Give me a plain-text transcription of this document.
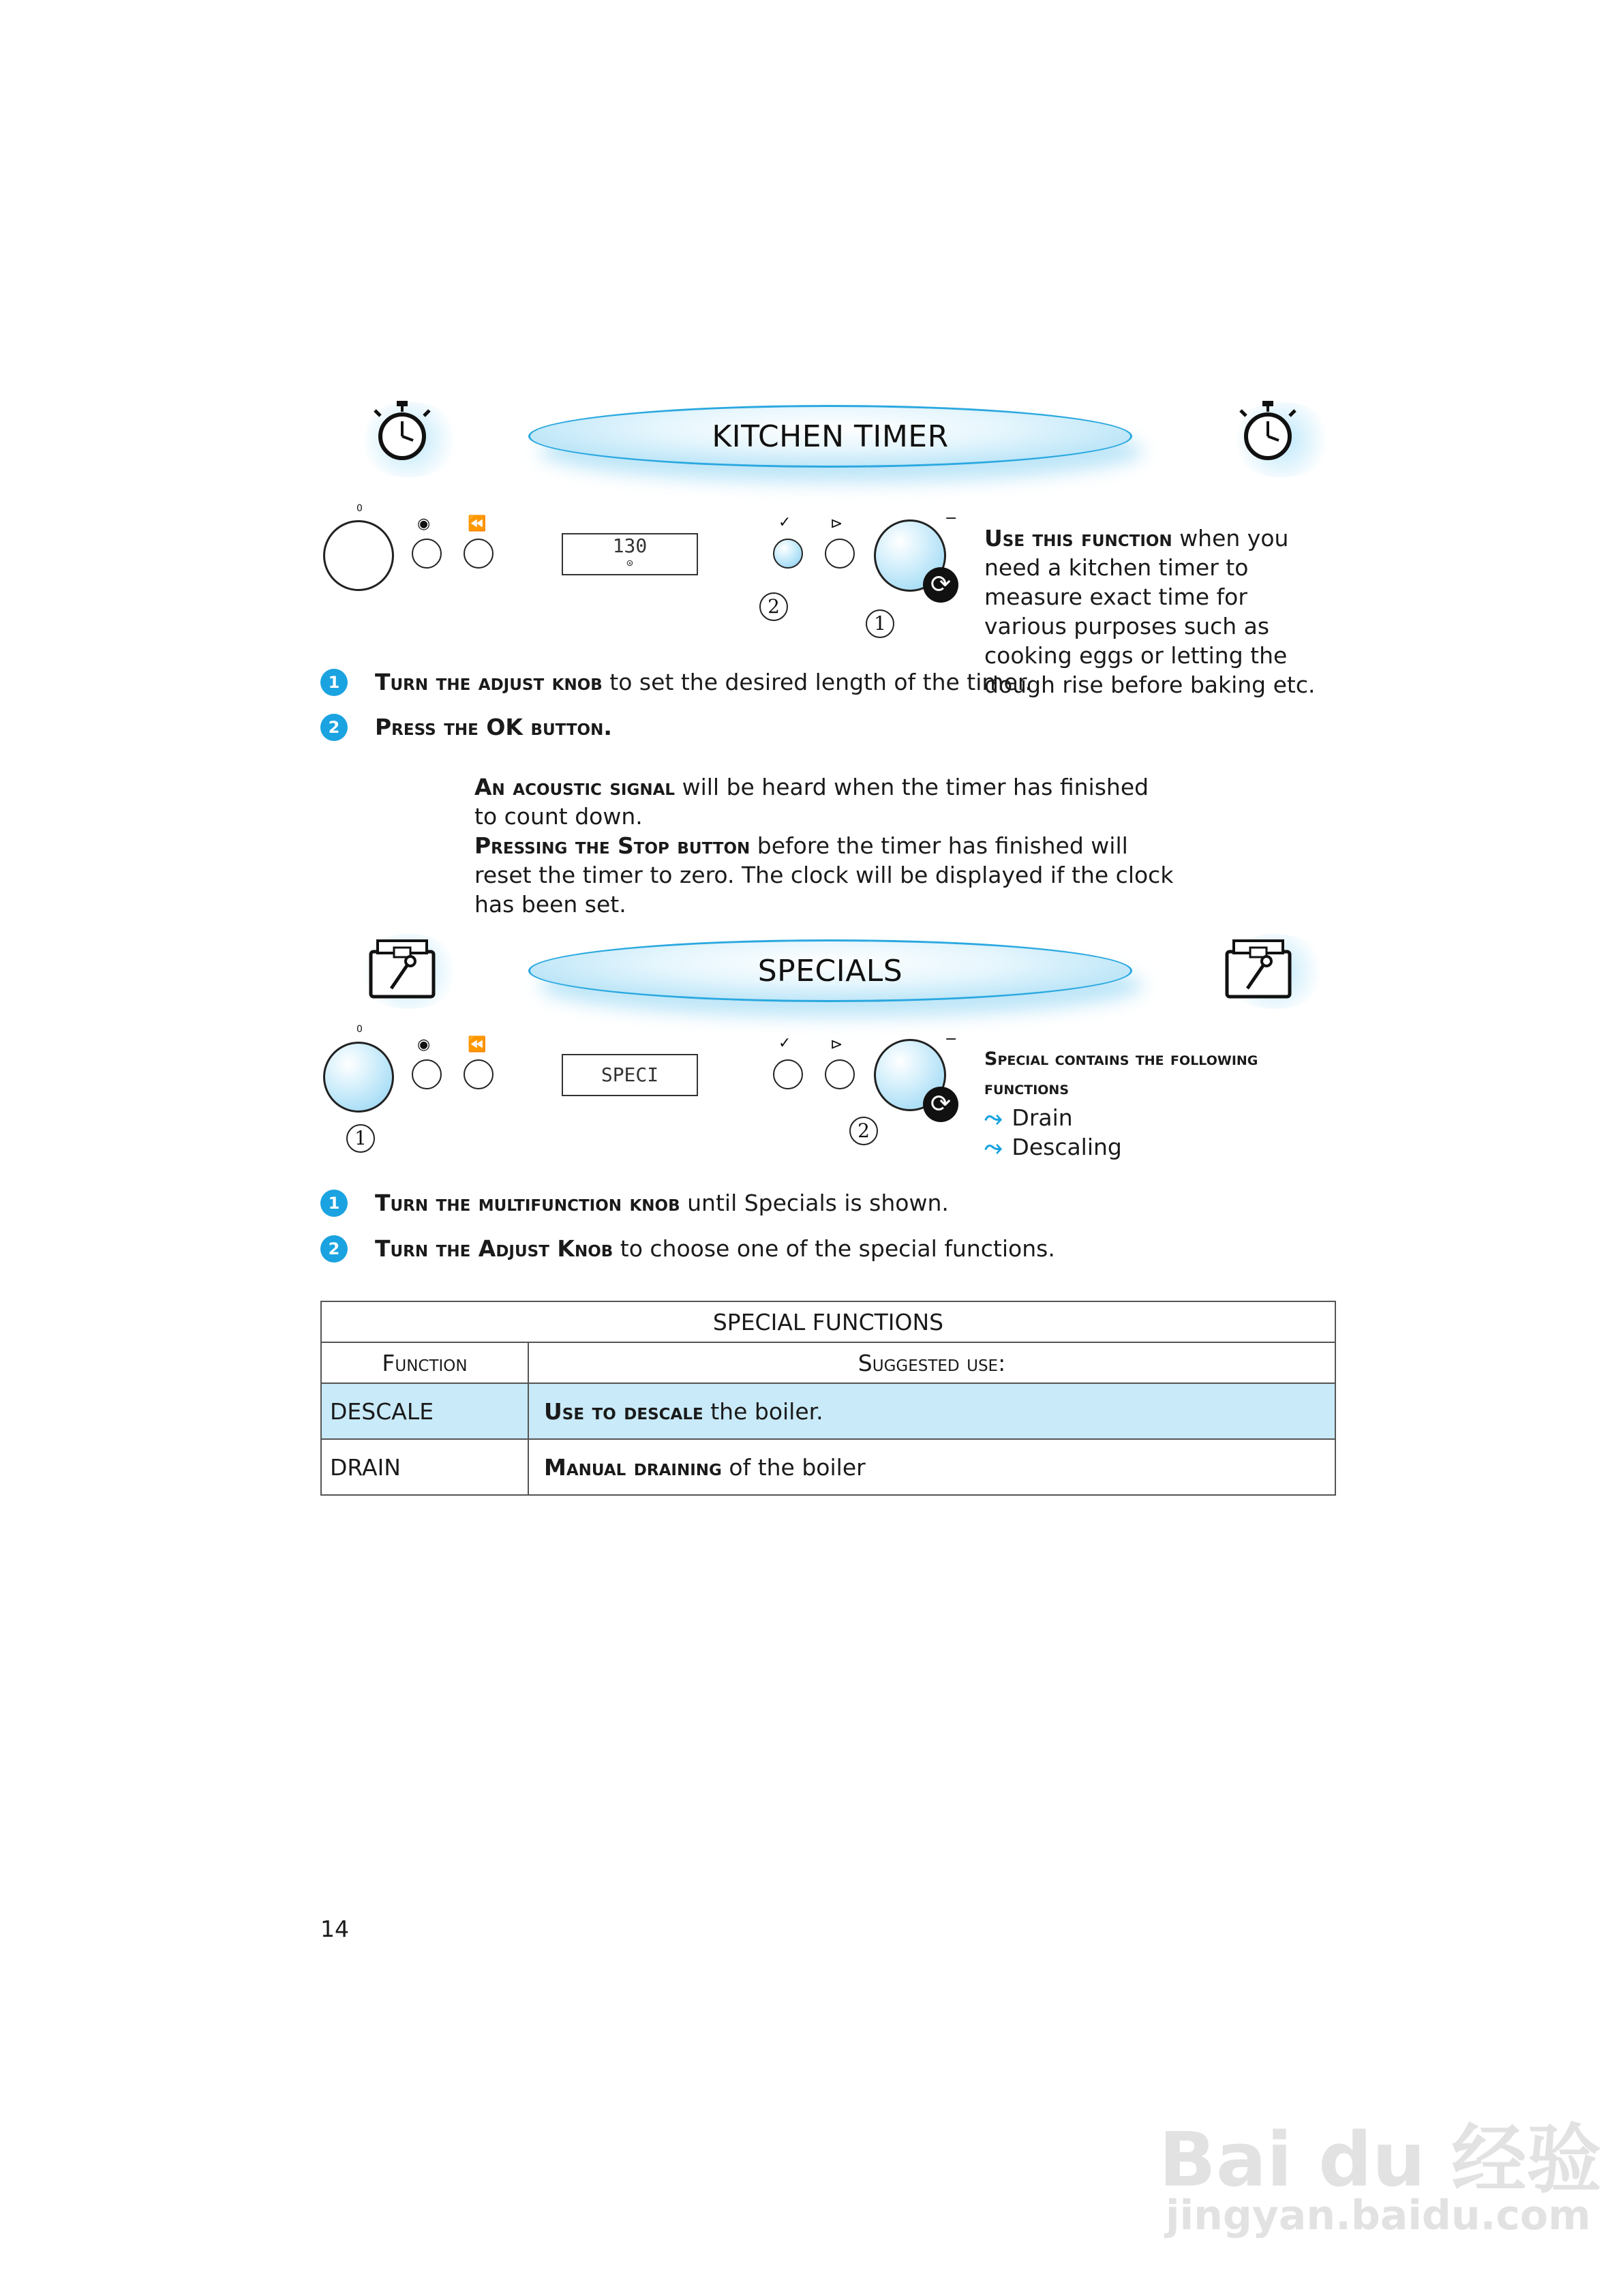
KITCHEN TIMER
0
◉ ⏪
130
⊙
✓	⊳	−
⟳
2
1
Use this function when you need a kitchen timer to measure exact time for various purposes such as cooking eggs or letting the dough rise before baking etc.
1	Turn the adjust knob to set the desired length of the timer.
2	Press the OK button.
An acoustic signal will be heard when the timer has finished to count down.
Pressing the Stop button before the timer has finished will reset the timer to zero. The clock will be displayed if the clock has been set.
SPECIALS
0
◉ ⏪
SPECI
✓	⊳	−
⟳
1	2
Special contains the following functions
⤳ Drain
⤳ Descaling
1	Turn the multifunction knob until Specials is shown.
2	Turn the Adjust Knob to choose one of the special functions.
SPECIAL FUNCTIONS	
Function	Suggested use:
DESCALE	Use to descale the boiler.
DRAIN	Manual draining of the boiler
14
Bai du 经验
jingyan.baidu.com
